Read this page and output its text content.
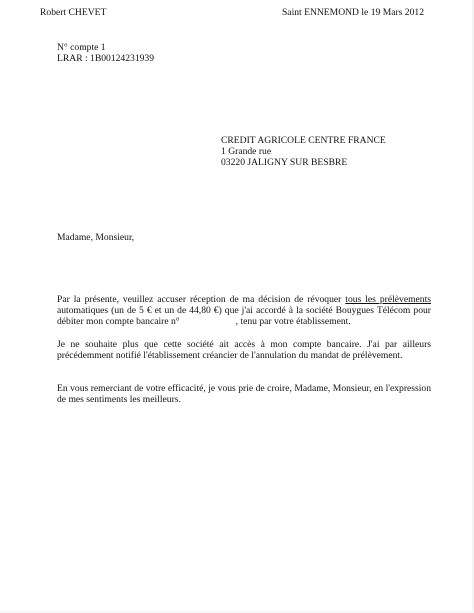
Robert CHEVET	Saint ENNEMOND le 19 Mars 2012
N° compte 1
LRAR : 1B00124231939
CREDIT AGRICOLE CENTRE FRANCE
1 Grande rue
03220 JALIGNY SUR BESBRE
Madame, Monsieur,
Par la présente, veuillez accuser réception de ma décision de révoquer tous les prélèvements automatiques (un de 5 € et un de 44,80 €) que j'ai accordé à la société Bouygues Télécom pour débiter mon compte bancaire n°	, tenu par votre établissement.
Je ne souhaite plus que cette société ait accès à mon compte bancaire. J'ai par ailleurs précédemment notifié l'établissement créancier de l'annulation du mandat de prélèvement.
En vous remerciant de votre efficacité, je vous prie de croire, Madame, Monsieur, en l'expression de mes sentiments les meilleurs.
